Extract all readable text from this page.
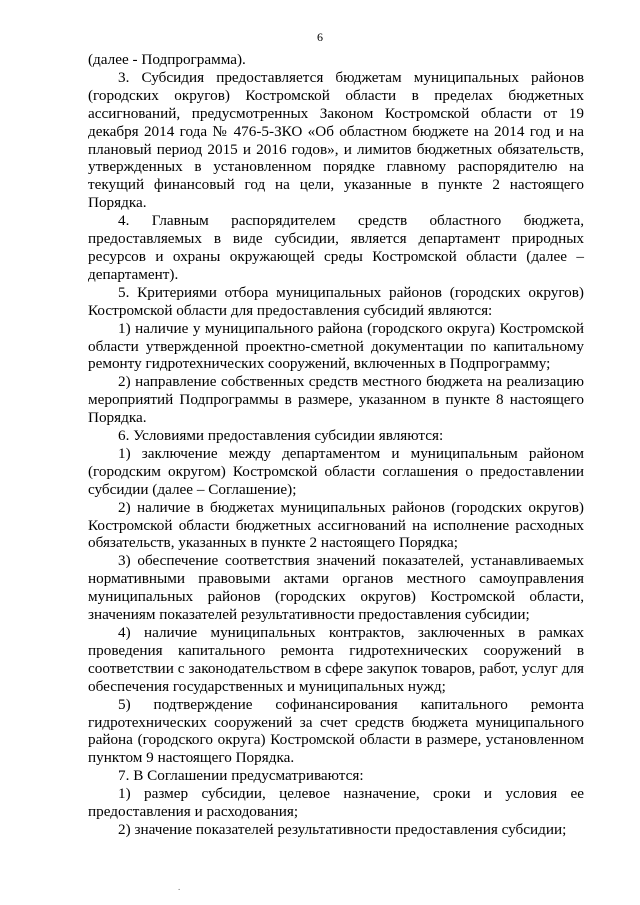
6

(далее - Подпрограмма).

3. Субсидия предоставляется бюджетам муниципальных районов (городских округов) Костромской области в пределах бюджетных ассигнований, предусмотренных Законом Костромской области от 19 декабря 2014 года № 476-5-ЗКО «Об областном бюджете на 2014 год и на плановый период 2015 и 2016 годов», и лимитов бюджетных обязательств, утвержденных в установленном порядке главному распорядителю на текущий финансовый год на цели, указанные в пункте 2 настоящего Порядка.

4. Главным распорядителем средств областного бюджета, предоставляемых в виде субсидии, является департамент природных ресурсов и охраны окружающей среды Костромской области (далее – департамент).

5. Критериями отбора муниципальных районов (городских округов) Костромской области для предоставления субсидий являются:

1) наличие у муниципального района (городского округа) Костромской области утвержденной проектно-сметной документации по капитальному ремонту гидротехнических сооружений, включенных в Подпрограмму;

2) направление собственных средств местного бюджета на реализацию мероприятий Подпрограммы в размере, указанном в пункте 8 настоящего Порядка.

6. Условиями предоставления субсидии являются:

1) заключение между департаментом и муниципальным районом (городским округом) Костромской области соглашения о предоставлении субсидии (далее – Соглашение);

2) наличие в бюджетах муниципальных районов (городских округов) Костромской области бюджетных ассигнований на исполнение расходных обязательств, указанных в пункте 2 настоящего Порядка;

3) обеспечение соответствия значений показателей, устанавливаемых нормативными правовыми актами органов местного самоуправления муниципальных районов (городских округов) Костромской области, значениям показателей результативности предоставления субсидии;

4) наличие муниципальных контрактов, заключенных в рамках проведения капитального ремонта гидротехнических сооружений в соответствии с законодательством в сфере закупок товаров, работ, услуг для обеспечения государственных и муниципальных нужд;

5) подтверждение софинансирования капитального ремонта гидротехнических сооружений за счет средств бюджета муниципального района (городского округа) Костромской области в размере, установленном пунктом 9 настоящего Порядка.

7. В Соглашении предусматриваются:

1) размер субсидии, целевое назначение, сроки и условия ее предоставления и расходования;

2) значение показателей результативности предоставления субсидии;

.
